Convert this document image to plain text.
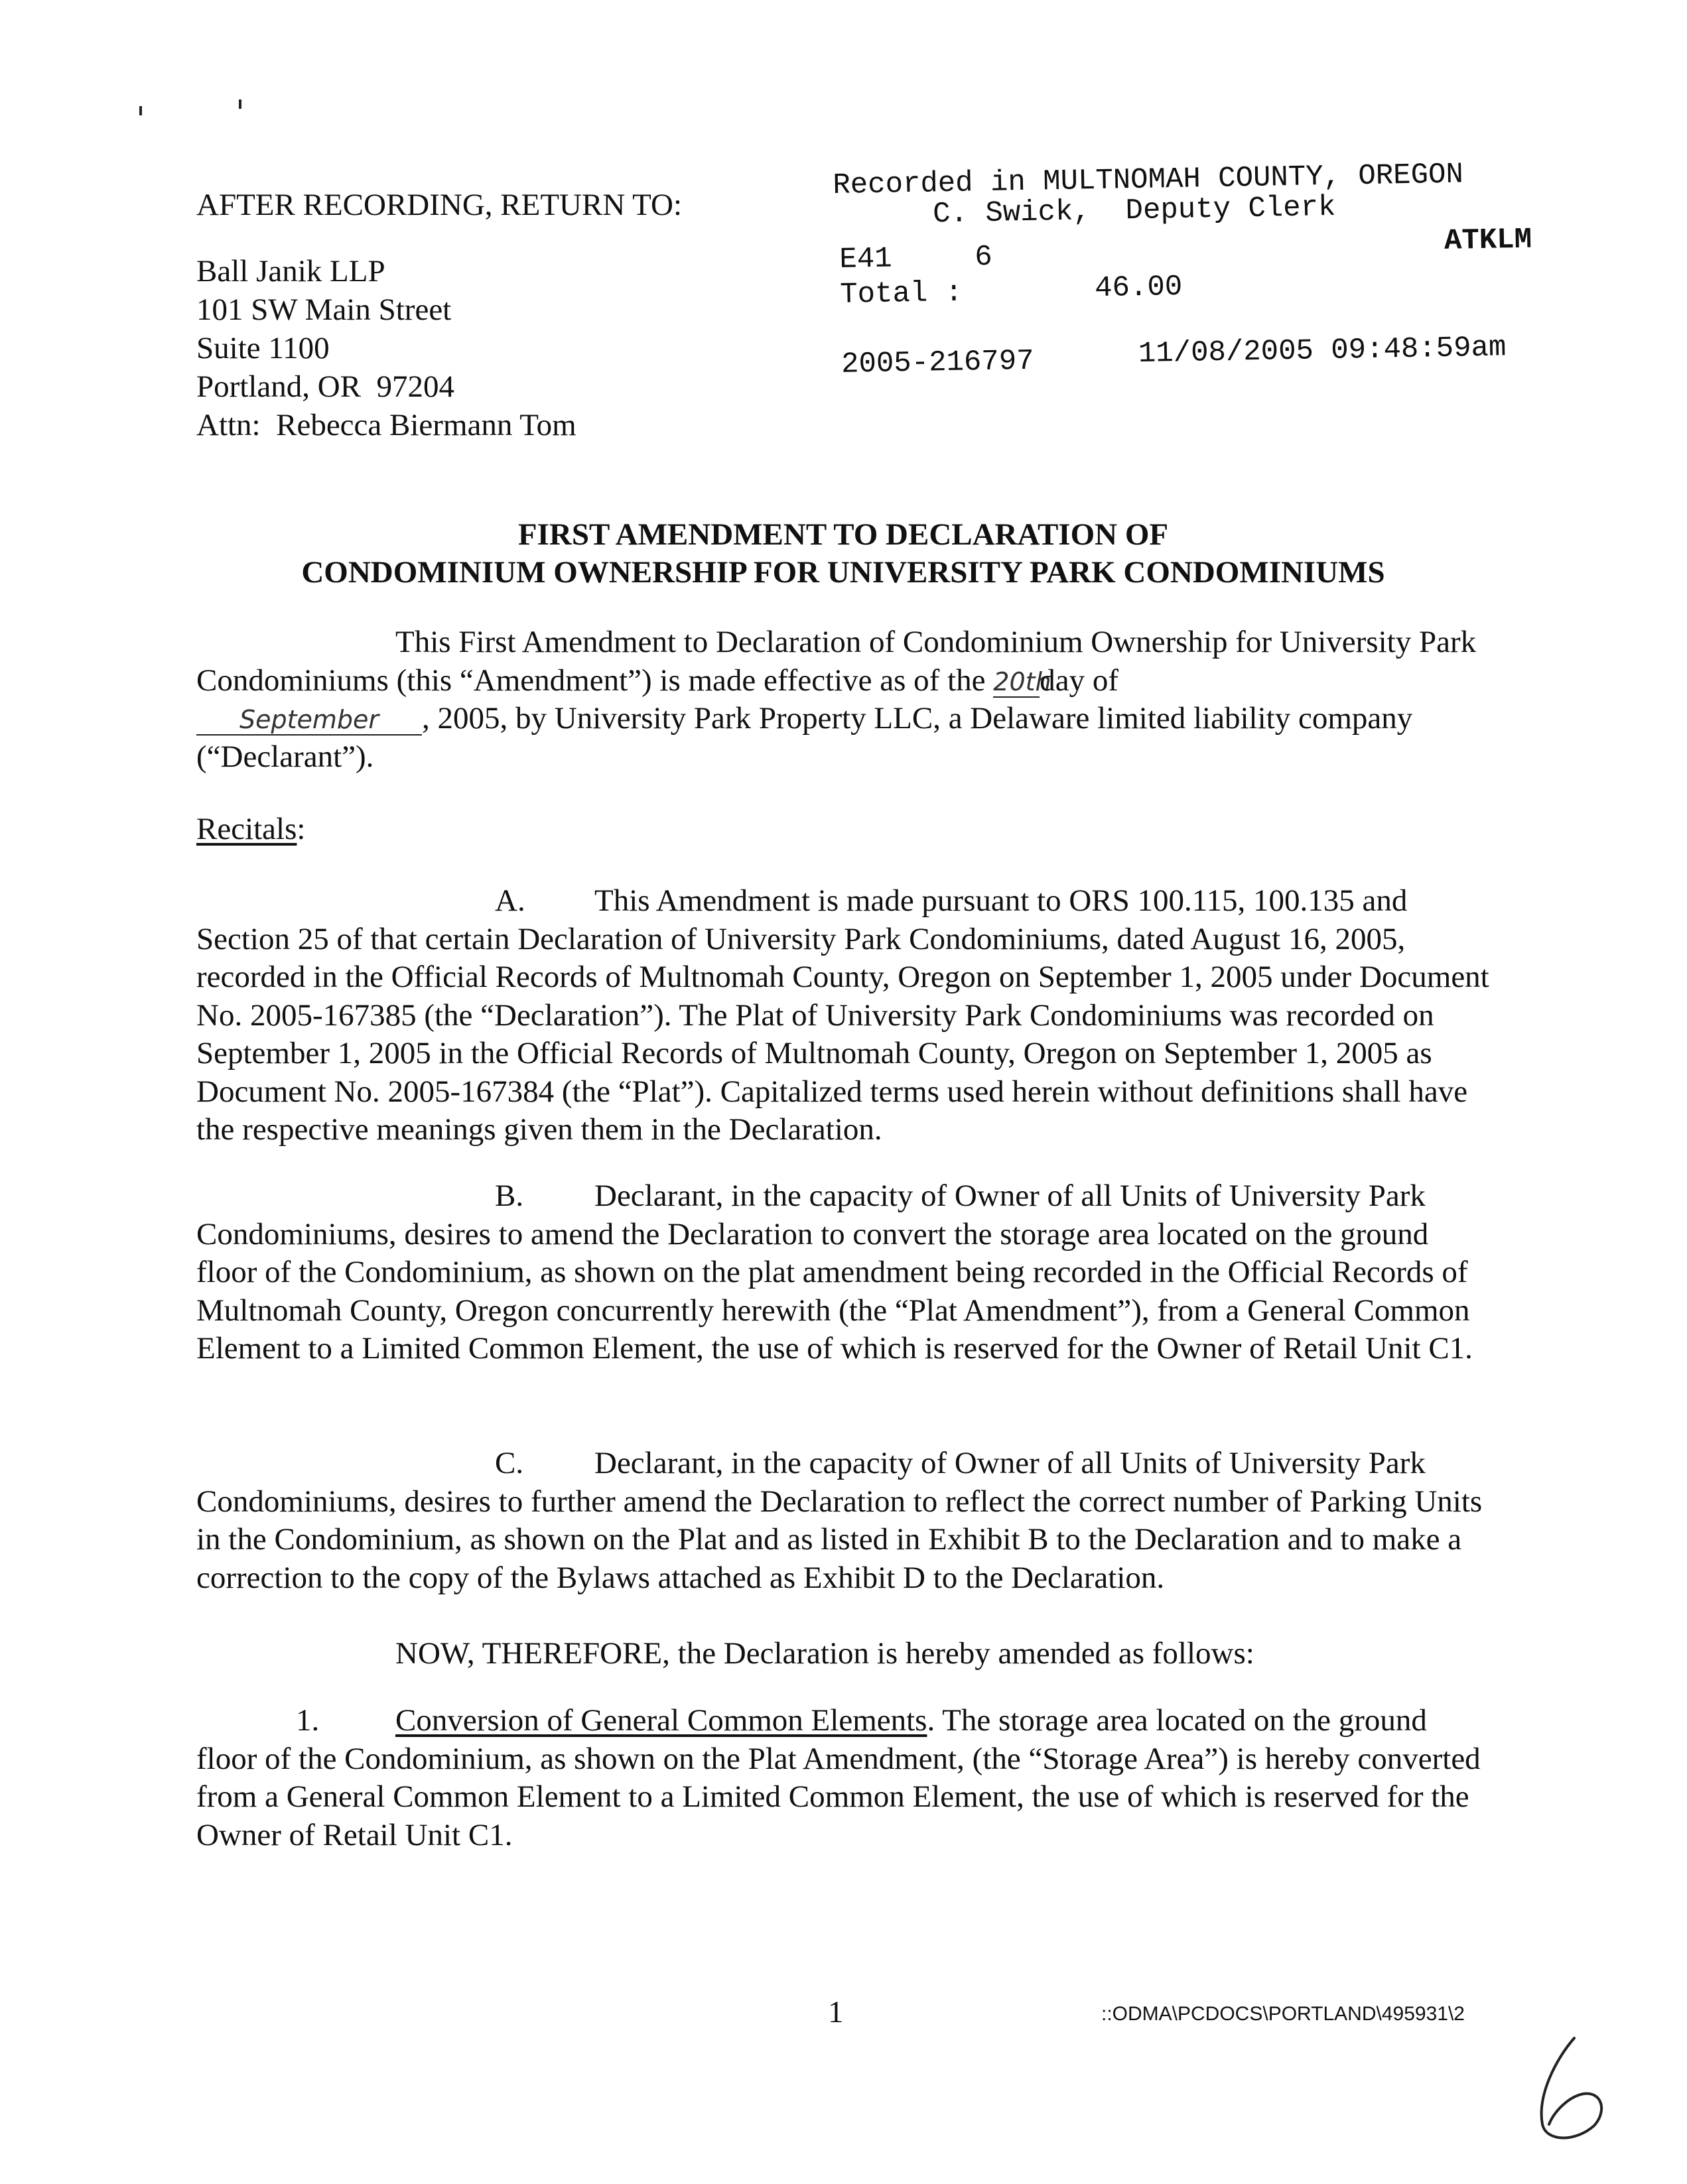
AFTER RECORDING, RETURN TO:
Ball Janik LLP
101 SW Main Street
Suite 1100
Portland, OR  97204
Attn:  Rebecca Biermann Tom
Recorded in MULTNOMAH COUNTY, OREGON
C. Swick,  Deputy Clerk
E41	6	ATKLM
Total :	46.00
2005-216797	11/08/2005 09:48:59am
FIRST AMENDMENT TO DECLARATION OF
CONDOMINIUM OWNERSHIP FOR UNIVERSITY PARK CONDOMINIUMS
This First Amendment to Declaration of Condominium Ownership for University Park Condominiums (this “Amendment”) is made effective as of the 20thday of
September , 2005, by University Park Property LLC, a Delaware limited liability company (“Declarant”).
Recitals:
A. This Amendment is made pursuant to ORS 100.115, 100.135 and Section 25 of that certain Declaration of University Park Condominiums, dated August 16, 2005, recorded in the Official Records of Multnomah County, Oregon on September 1, 2005 under Document No. 2005-167385 (the “Declaration”). The Plat of University Park Condominiums was recorded on September 1, 2005 in the Official Records of Multnomah County, Oregon on September 1, 2005 as Document No. 2005-167384 (the “Plat”). Capitalized terms used herein without definitions shall have the respective meanings given them in the Declaration.
B. Declarant, in the capacity of Owner of all Units of University Park Condominiums, desires to amend the Declaration to convert the storage area located on the ground floor of the Condominium, as shown on the plat amendment being recorded in the Official Records of Multnomah County, Oregon concurrently herewith (the “Plat Amendment”), from a General Common Element to a Limited Common Element, the use of which is reserved for the Owner of Retail Unit C1.
C. Declarant, in the capacity of Owner of all Units of University Park Condominiums, desires to further amend the Declaration to reflect the correct number of Parking Units in the Condominium, as shown on the Plat and as listed in Exhibit B to the Declaration and to make a correction to the copy of the Bylaws attached as Exhibit D to the Declaration.
NOW, THEREFORE, the Declaration is hereby amended as follows:
1. Conversion of General Common Elements. The storage area located on the ground floor of the Condominium, as shown on the Plat Amendment, (the “Storage Area”) is hereby converted from a General Common Element to a Limited Common Element, the use of which is reserved for the Owner of Retail Unit C1.
1	::ODMA\PCDOCS\PORTLAND\495931\2
